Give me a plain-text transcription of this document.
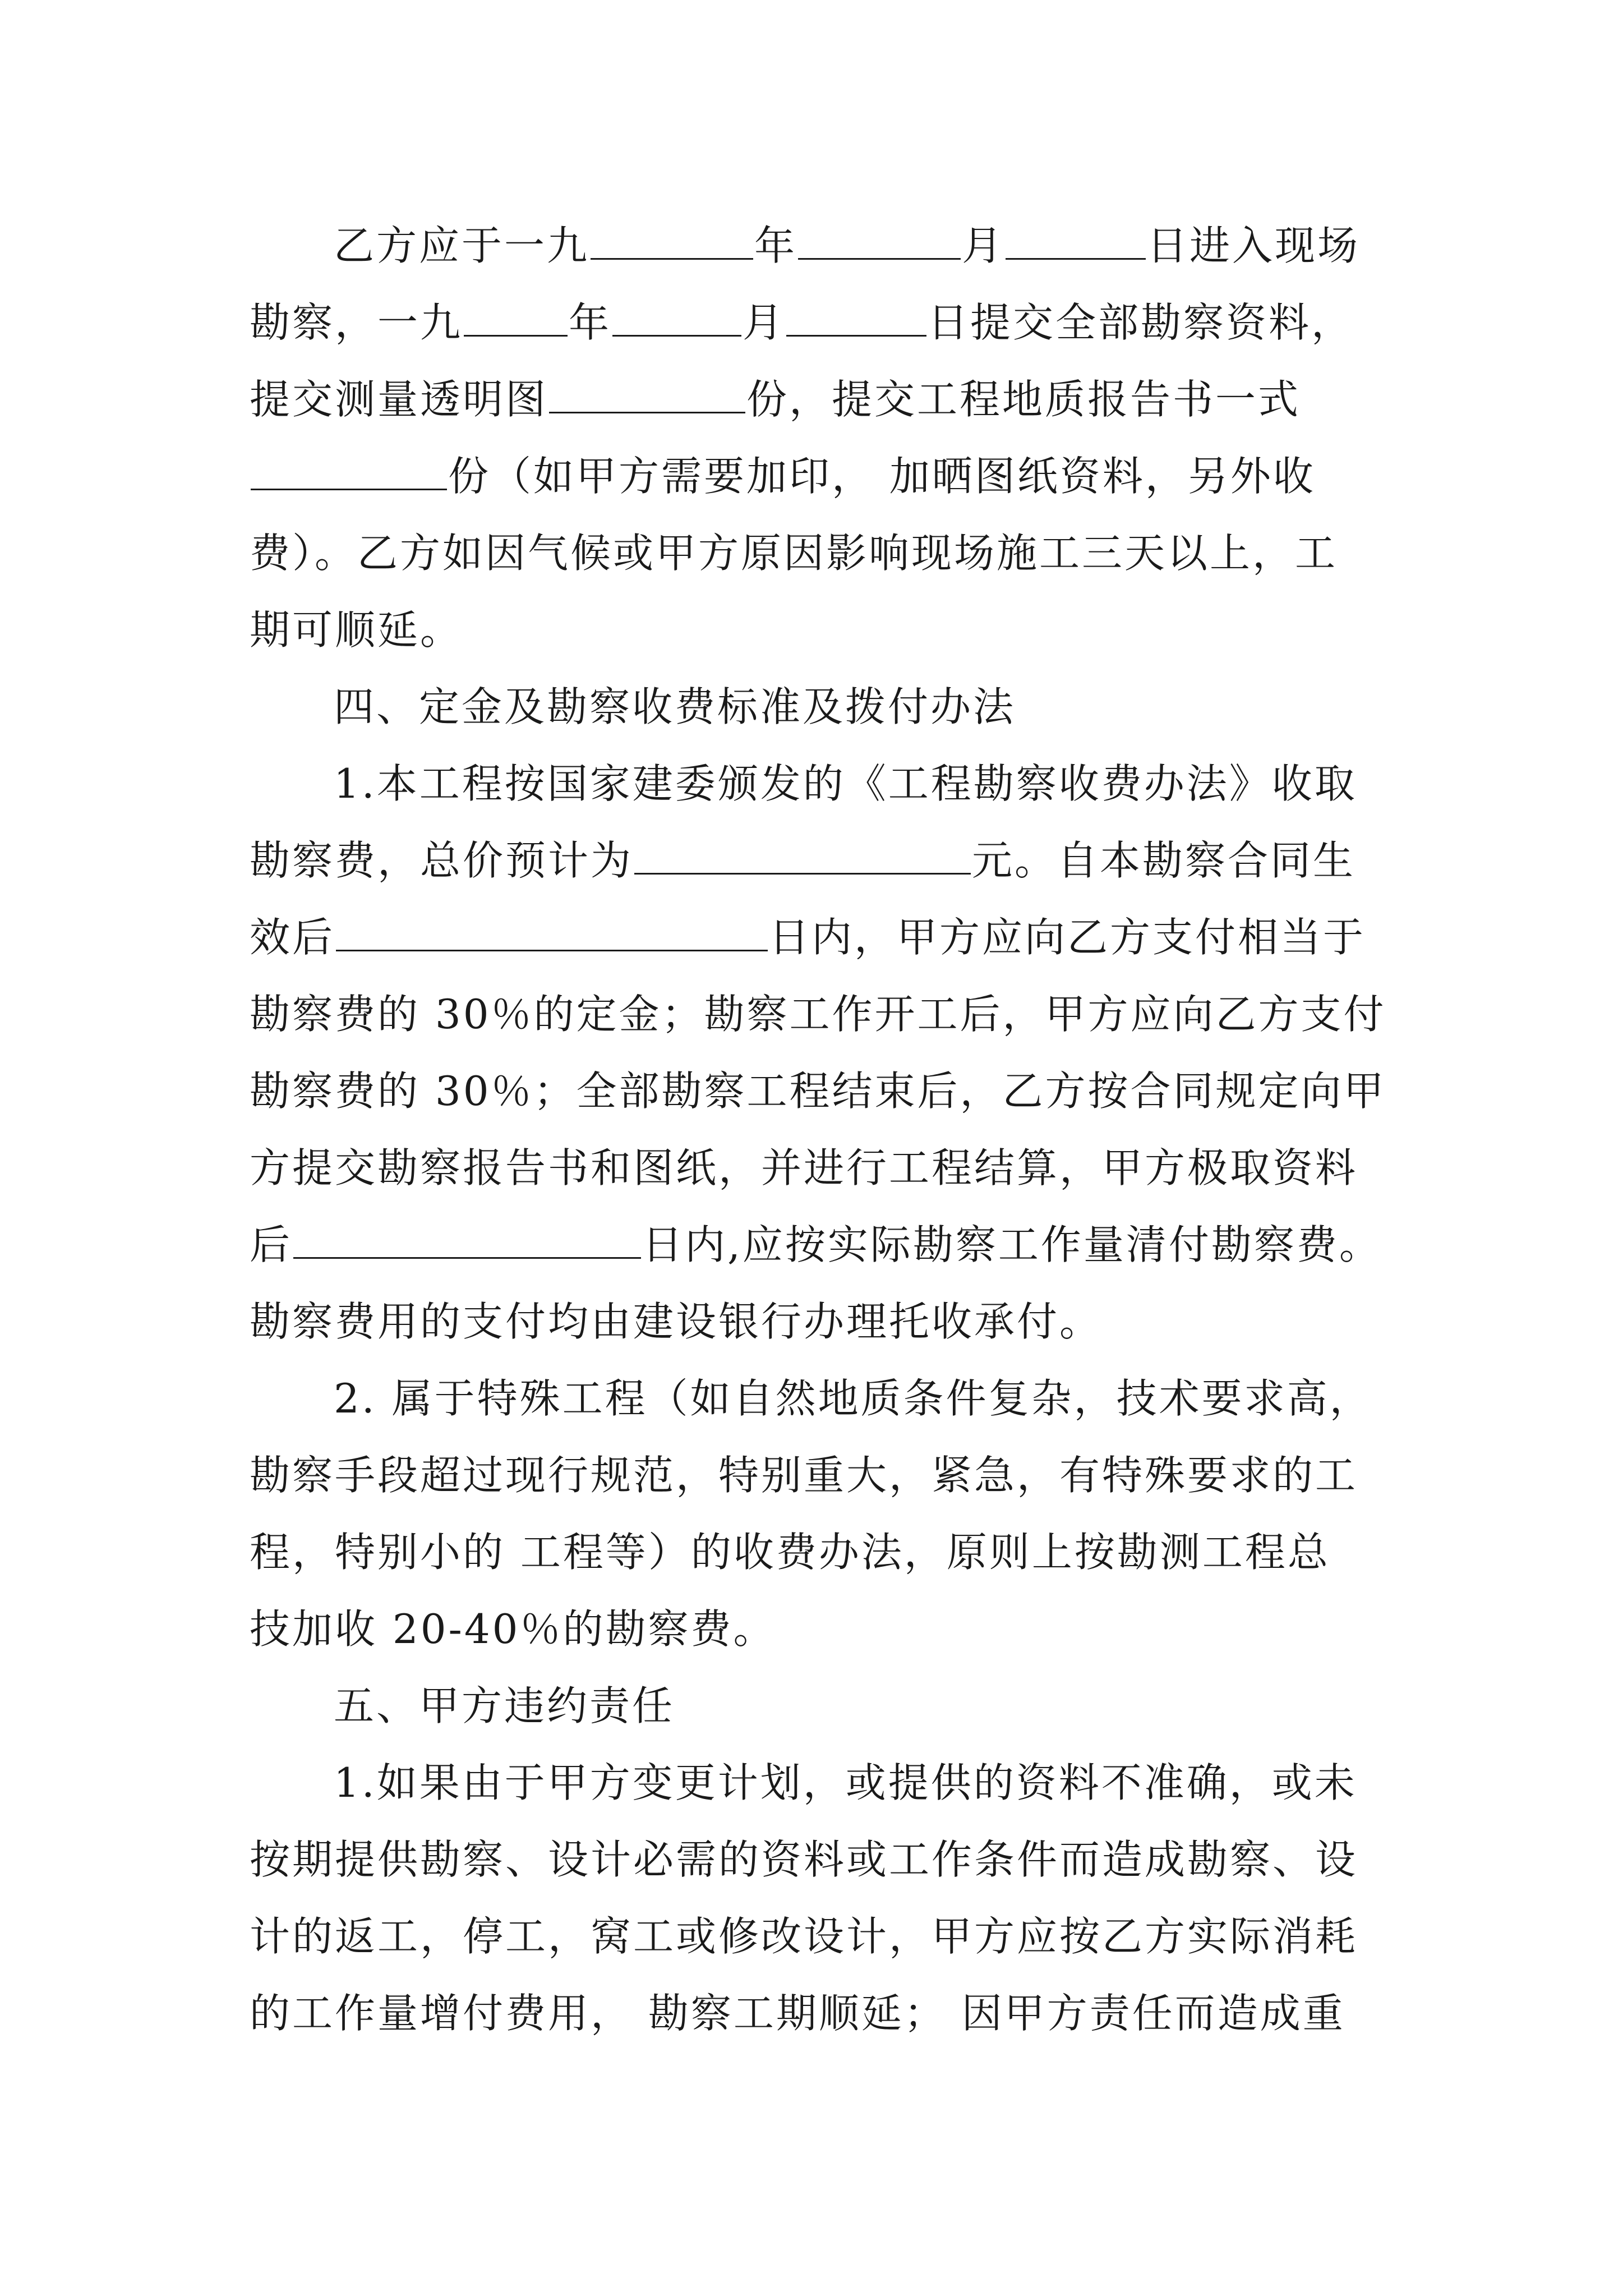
乙方应于一九	年	月	日进入现场
勘察，一九	年	月	日提交全部勘察资料，
提交测量透明图	份，提交工程地质报告书一式
份（如甲方需要加印， 加晒图纸资料，另外收
费）。乙方如因气候或甲方原因影响现场施工三天以上，工
期可顺延。
四、定金及勘察收费标准及拨付办法
1.本工程按国家建委颁发的《工程勘察收费办法》收取
勘察费，总价预计为	元。自本勘察合同生
效后	日内，甲方应向乙方支付相当于
勘察费的 30％的定金；勘察工作开工后，甲方应向乙方支付
勘察费的 30％；全部勘察工程结束后，乙方按合同规定向甲
方提交勘察报告书和图纸，并进行工程结算，甲方极取资料
后	日内,应按实际勘察工作量清付勘察费。
勘察费用的支付均由建设银行办理托收承付。
2. 属于特殊工程（如自然地质条件复杂，技术要求高，
勘察手段超过现行规范，特别重大，紧急，有特殊要求的工
程，特别小的 工程等）的收费办法，原则上按勘测工程总
技加收 20-40％的勘察费。
五、甲方违约责任
1.如果由于甲方变更计划，或提供的资料不准确，或未
按期提供勘察、设计必需的资料或工作条件而造成勘察、设
计的返工，停工，窝工或修改设计，甲方应按乙方实际消耗
的工作量增付费用， 勘察工期顺延； 因甲方责任而造成重
